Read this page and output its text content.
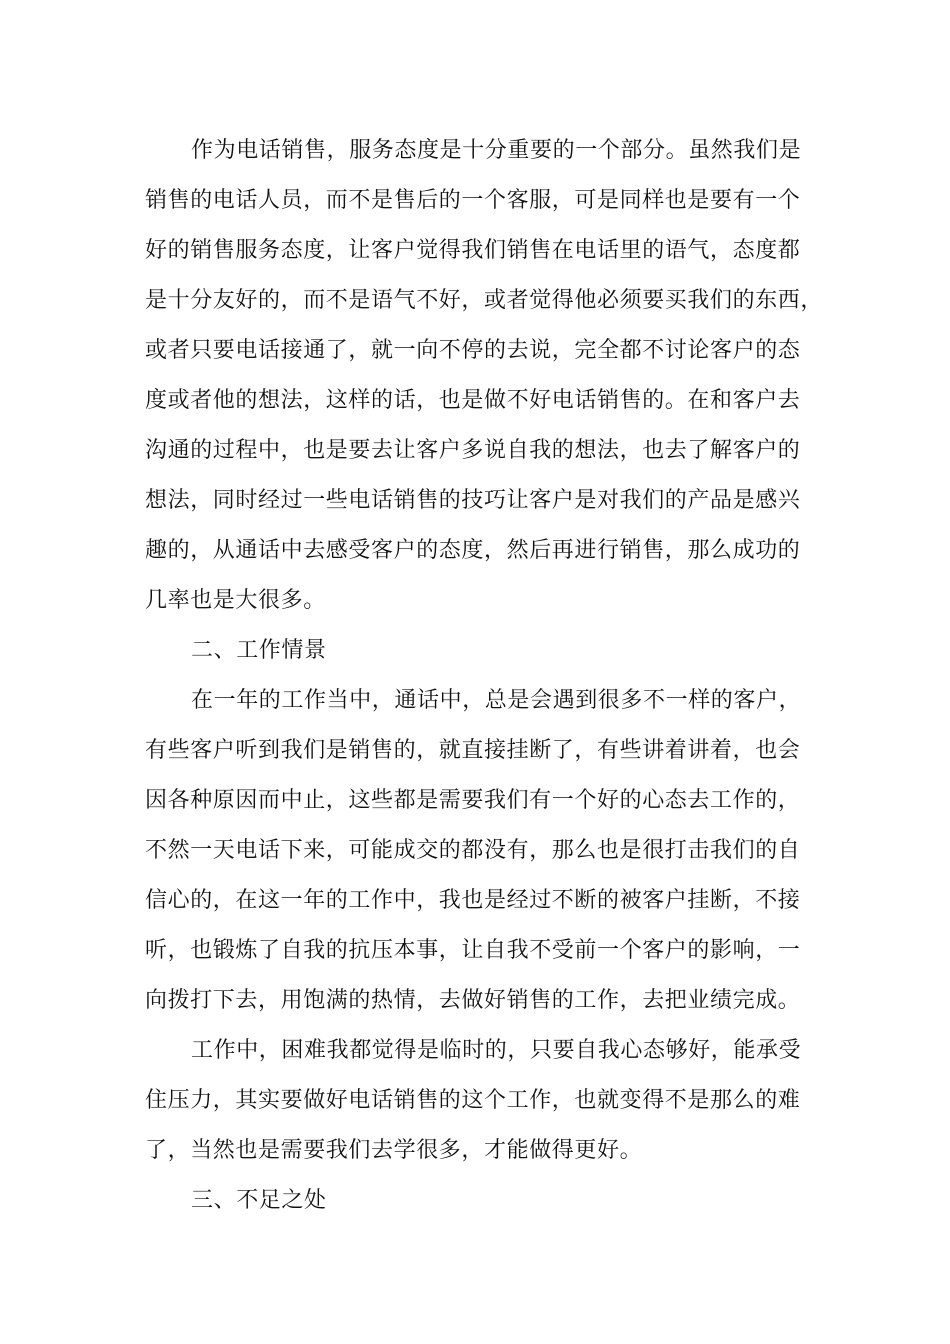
作为电话销售，服务态度是十分重要的一个部分。虽然我们是
销售的电话人员，而不是售后的一个客服，可是同样也是要有一个
好的销售服务态度，让客户觉得我们销售在电话里的语气，态度都
是十分友好的，而不是语气不好，或者觉得他必须要买我们的东西，
或者只要电话接通了，就一向不停的去说，完全都不讨论客户的态
度或者他的想法，这样的话，也是做不好电话销售的。在和客户去
沟通的过程中，也是要去让客户多说自我的想法，也去了解客户的
想法，同时经过一些电话销售的技巧让客户是对我们的产品是感兴
趣的，从通话中去感受客户的态度，然后再进行销售，那么成功的
几率也是大很多。
二、工作情景
在一年的工作当中，通话中，总是会遇到很多不一样的客户，
有些客户听到我们是销售的，就直接挂断了，有些讲着讲着，也会
因各种原因而中止，这些都是需要我们有一个好的心态去工作的，
不然一天电话下来，可能成交的都没有，那么也是很打击我们的自
信心的，在这一年的工作中，我也是经过不断的被客户挂断，不接
听，也锻炼了自我的抗压本事，让自我不受前一个客户的影响，一
向拨打下去，用饱满的热情，去做好销售的工作，去把业绩完成。
工作中，困难我都觉得是临时的，只要自我心态够好，能承受
住压力，其实要做好电话销售的这个工作，也就变得不是那么的难
了，当然也是需要我们去学很多，才能做得更好。
三、不足之处
